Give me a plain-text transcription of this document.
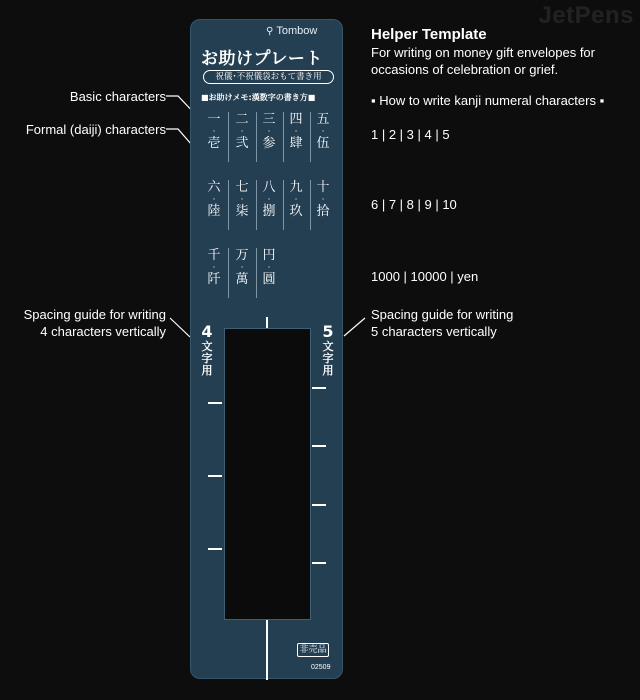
JetPens
⚲ Tombow
お助けプレート
祝儀･不祝儀袋おもて書き用
■お助けメモ:漢数字の書き方■
一
·
壱
二
·
弐
三
·
参
四
·
肆
五
·
伍
六
·
陸
七
·
柒
八
·
捌
九
·
玖
十
·
拾
千
·
阡
万
·
萬
円
·
圓
4
文字用
5
文字用
非売品
02509
Helper Template
For writing on money gift envelopes for occasions of celebration or grief.
▪ How to write kanji numeral characters ▪
1 | 2 | 3 | 4 | 5
6 | 7 | 8 | 9 | 10
1000 | 10000 | yen
Spacing guide for writing
5 characters vertically
Basic characters
Formal (daiji) characters
Spacing guide for writing
4 characters vertically
